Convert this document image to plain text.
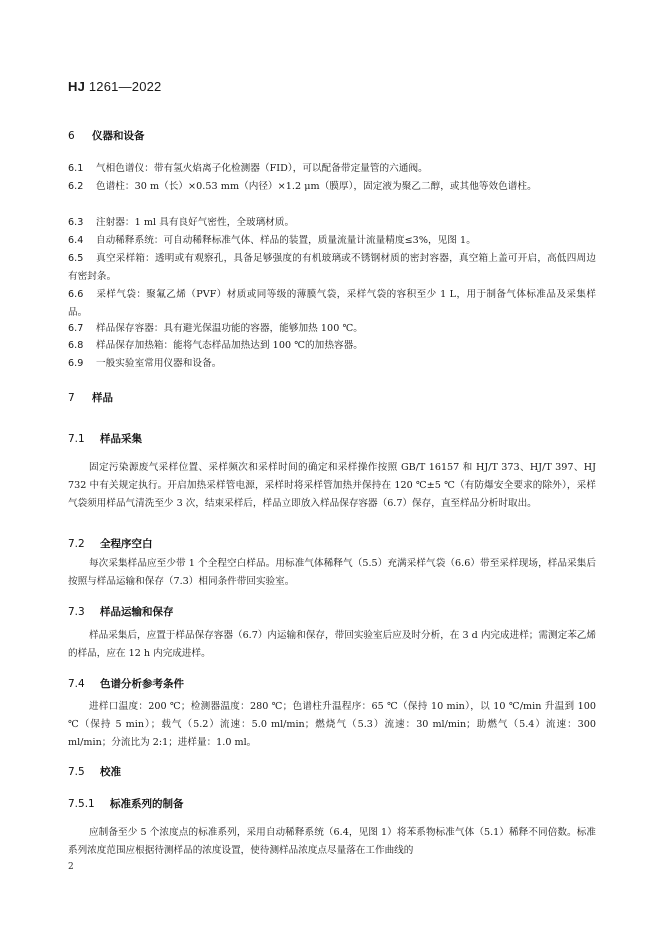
HJ 1261—2022
6 仪器和设备
6.1 气相色谱仪：带有氢火焰离子化检测器（FID），可以配备带定量管的六通阀。
6.2 色谱柱：30 m（长）×0.53 mm（内径）×1.2 μm（膜厚），固定液为聚乙二醇，或其他等效色谱柱。
6.3 注射器：1 ml 具有良好气密性，全玻璃材质。
6.4 自动稀释系统：可自动稀释标准气体、样品的装置，质量流量计流量精度≤3%，见图 1。
6.5 真空采样箱：透明或有观察孔，具备足够强度的有机玻璃或不锈钢材质的密封容器，真空箱上盖可开启，高低四周边有密封条。
6.6 采样气袋：聚氟乙烯（PVF）材质或同等级的薄膜气袋，采样气袋的容积至少 1 L，用于制备气体标准品及采集样品。
6.7 样品保存容器：具有避光保温功能的容器，能够加热 100 ℃。
6.8 样品保存加热箱：能将气态样品加热达到 100 ℃的加热容器。
6.9 一般实验室常用仪器和设备。
7 样品
7.1 样品采集
固定污染源废气采样位置、采样频次和采样时间的确定和采样操作按照 GB/T 16157 和 HJ/T 373、HJ/T 397、HJ 732 中有关规定执行。开启加热采样管电源，采样时将采样管加热并保持在 120 ℃±5 ℃（有防爆安全要求的除外），采样气袋须用样品气清洗至少 3 次，结束采样后，样品立即放入样品保存容器（6.7）保存，直至样品分析时取出。
7.2 全程序空白
每次采集样品应至少带 1 个全程空白样品。用标准气体稀释气（5.5）充满采样气袋（6.6）带至采样现场，样品采集后按照与样品运输和保存（7.3）相同条件带回实验室。
7.3 样品运输和保存
样品采集后，应置于样品保存容器（6.7）内运输和保存，带回实验室后应及时分析，在 3 d 内完成进样；需测定苯乙烯的样品，应在 12 h 内完成进样。
7.4 色谱分析参考条件
进样口温度：200 ℃；检测器温度：280 ℃；色谱柱升温程序：65 ℃（保持 10 min），以 10 ℃/min 升温到 100 ℃（保持 5 min）；载气（5.2）流速：5.0 ml/min；燃烧气（5.3）流速：30 ml/min；助燃气（5.4）流速：300 ml/min；分流比为 2:1；进样量：1.0 ml。
7.5 校准
7.5.1 标准系列的制备
应制备至少 5 个浓度点的标准系列，采用自动稀释系统（6.4，见图 1）将苯系物标准气体（5.1）稀释不同倍数。标准系列浓度范围应根据待测样品的浓度设置，使待测样品浓度点尽量落在工作曲线的
2
